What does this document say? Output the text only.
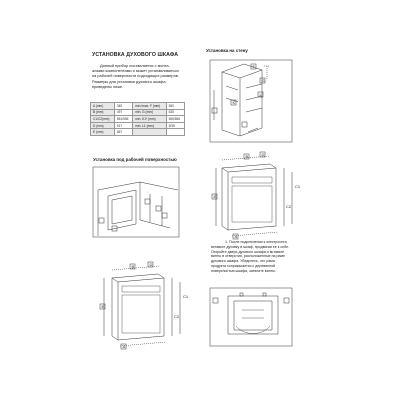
УСТАНОВКА ДУХОВОГО ШКАФА
Данный прибор поставляется с монта-
жными компонентами и может устанавливаться
на рабочей поверхности подходящих размеров.
Размеры для установки духового шкафа
приведены ниже.
A (mm)	345	min./max. F (mm)	560
B (mm)	497	min. G (mm)	535
C1/C2(mm)	551/556	min. K1* (mm)	555/556
D (mm)	517	min. L1 (mm)	5/35
E (mm)	567		
Установка на стену
Установка под рабочей поверхностью
1. После подключения к электросети
вставьте духовку в шкаф, продвигая ее к себе.
Откройте дверь духового шкафа и вставьте
винты в отверстия, расположенные на раме
духового шкафа. Убедитесь, что рама
продукта соприкасается с деревянной
поверхностью шкафа, затяните винты.
F
G
L
K
B	D
E
A
C1
C2
B	D
E
A
C1
C2
